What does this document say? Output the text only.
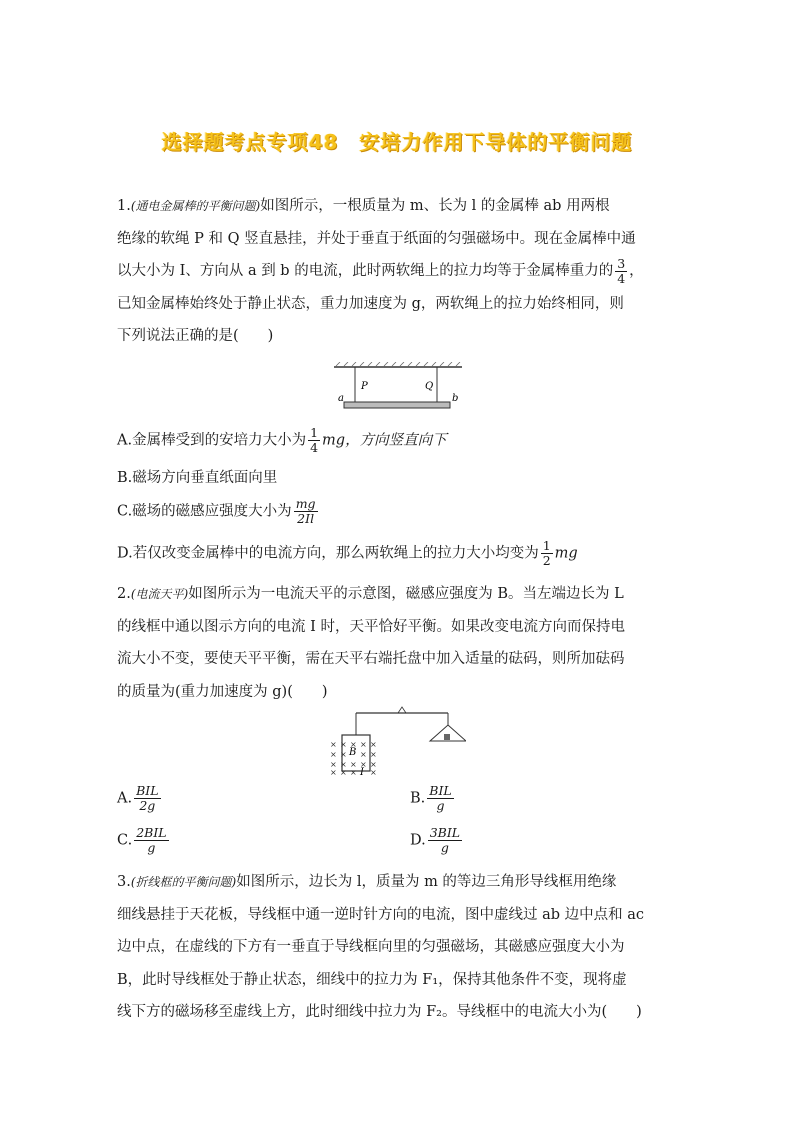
选择题考点专项48　安培力作用下导体的平衡问题
1.(通电金属棒的平衡问题)如图所示，一根质量为 m、长为 l 的金属棒 ab 用两根
绝缘的软绳 P 和 Q 竖直悬挂，并处于垂直于纸面的匀强磁场中。现在金属棒中通
以大小为 I、方向从 a 到 b 的电流，此时两软绳上的拉力均等于金属棒重力的 $\frac{3}{4}$ ，
已知金属棒始终处于静止状态，重力加速度为 g，两软绳上的拉力始终相同，则
下列说法正确的是(　　)
P	Q
a	b
A.金属棒受到的安培力大小为 $\frac{1}{4}$ mg，方向竖直向下
B.磁场方向垂直纸面向里
C.磁场的磁感应强度大小为 $\frac{mg}{2Il}$
D.若仅改变金属棒中的电流方向，那么两软绳上的拉力大小均变为 $\frac{1}{2}$ mg
2.(电流天平)如图所示为一电流天平的示意图，磁感应强度为 B。当左端边长为 L
的线框中通以图示方向的电流 I 时，天平恰好平衡。如果改变电流方向而保持电
流大小不变，要使天平平衡，需在天平右端托盘中加入适量的砝码，则所加砝码
的质量为(重力加速度为 g)(　　)
×
×
×
×
×
×
×
×
×
×
×
×
×
×
× × × ×
B
I
A. $\frac{\text{BIL}}{2g}$	B. $\frac{\text{BIL}}{g}$
C. $\frac{\text{2BIL}}{g}$	D. $\frac{\text{3BIL}}{g}$
3.(折线框的平衡问题)如图所示，边长为 l，质量为 m 的等边三角形导线框用绝缘
细线悬挂于天花板，导线框中通一逆时针方向的电流，图中虚线过 ab 边中点和 ac
边中点，在虚线的下方有一垂直于导线框向里的匀强磁场，其磁感应强度大小为
B，此时导线框处于静止状态，细线中的拉力为 F₁，保持其他条件不变，现将虚
线下方的磁场移至虚线上方，此时细线中拉力为 F₂。导线框中的电流大小为(　　)
